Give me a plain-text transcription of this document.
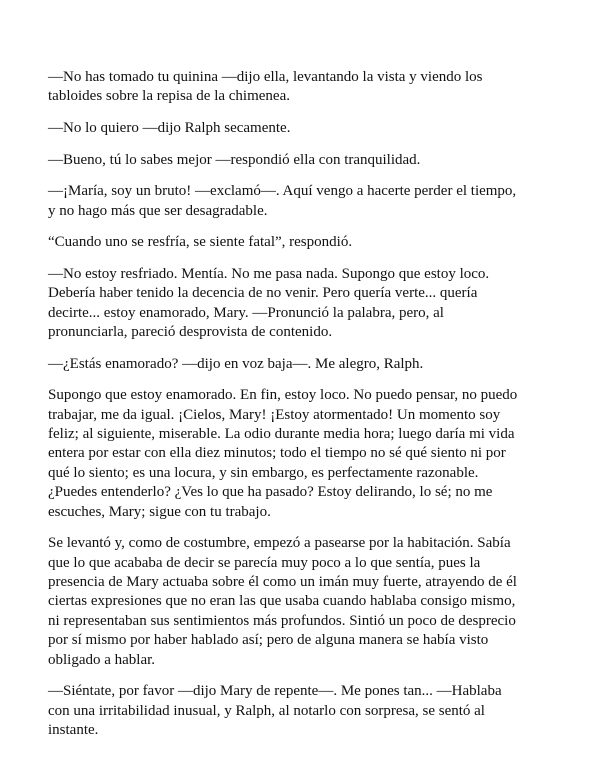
—No has tomado tu quinina —dijo ella, levantando la vista y viendo los tabloides sobre la repisa de la chimenea.

—No lo quiero —dijo Ralph secamente.

—Bueno, tú lo sabes mejor —respondió ella con tranquilidad.

—¡María, soy un bruto! —exclamó—. Aquí vengo a hacerte perder el tiempo, y no hago más que ser desagradable.

“Cuando uno se resfría, se siente fatal”, respondió.

—No estoy resfriado. Mentía. No me pasa nada. Supongo que estoy loco. Debería haber tenido la decencia de no venir. Pero quería verte... quería decirte... estoy enamorado, Mary. —Pronunció la palabra, pero, al pronunciarla, pareció desprovista de contenido.

—¿Estás enamorado? —dijo en voz baja—. Me alegro, Ralph.

Supongo que estoy enamorado. En fin, estoy loco. No puedo pensar, no puedo trabajar, me da igual. ¡Cielos, Mary! ¡Estoy atormentado! Un momento soy feliz; al siguiente, miserable. La odio durante media hora; luego daría mi vida entera por estar con ella diez minutos; todo el tiempo no sé qué siento ni por qué lo siento; es una locura, y sin embargo, es perfectamente razonable. ¿Puedes entenderlo? ¿Ves lo que ha pasado? Estoy delirando, lo sé; no me escuches, Mary; sigue con tu trabajo.

Se levantó y, como de costumbre, empezó a pasearse por la habitación. Sabía que lo que acababa de decir se parecía muy poco a lo que sentía, pues la presencia de Mary actuaba sobre él como un imán muy fuerte, atrayendo de él ciertas expresiones que no eran las que usaba cuando hablaba consigo mismo, ni representaban sus sentimientos más profundos. Sintió un poco de desprecio por sí mismo por haber hablado así; pero de alguna manera se había visto obligado a hablar.

—Siéntate, por favor —dijo Mary de repente—. Me pones tan... —Hablaba con una irritabilidad inusual, y Ralph, al notarlo con sorpresa, se sentó al instante.
